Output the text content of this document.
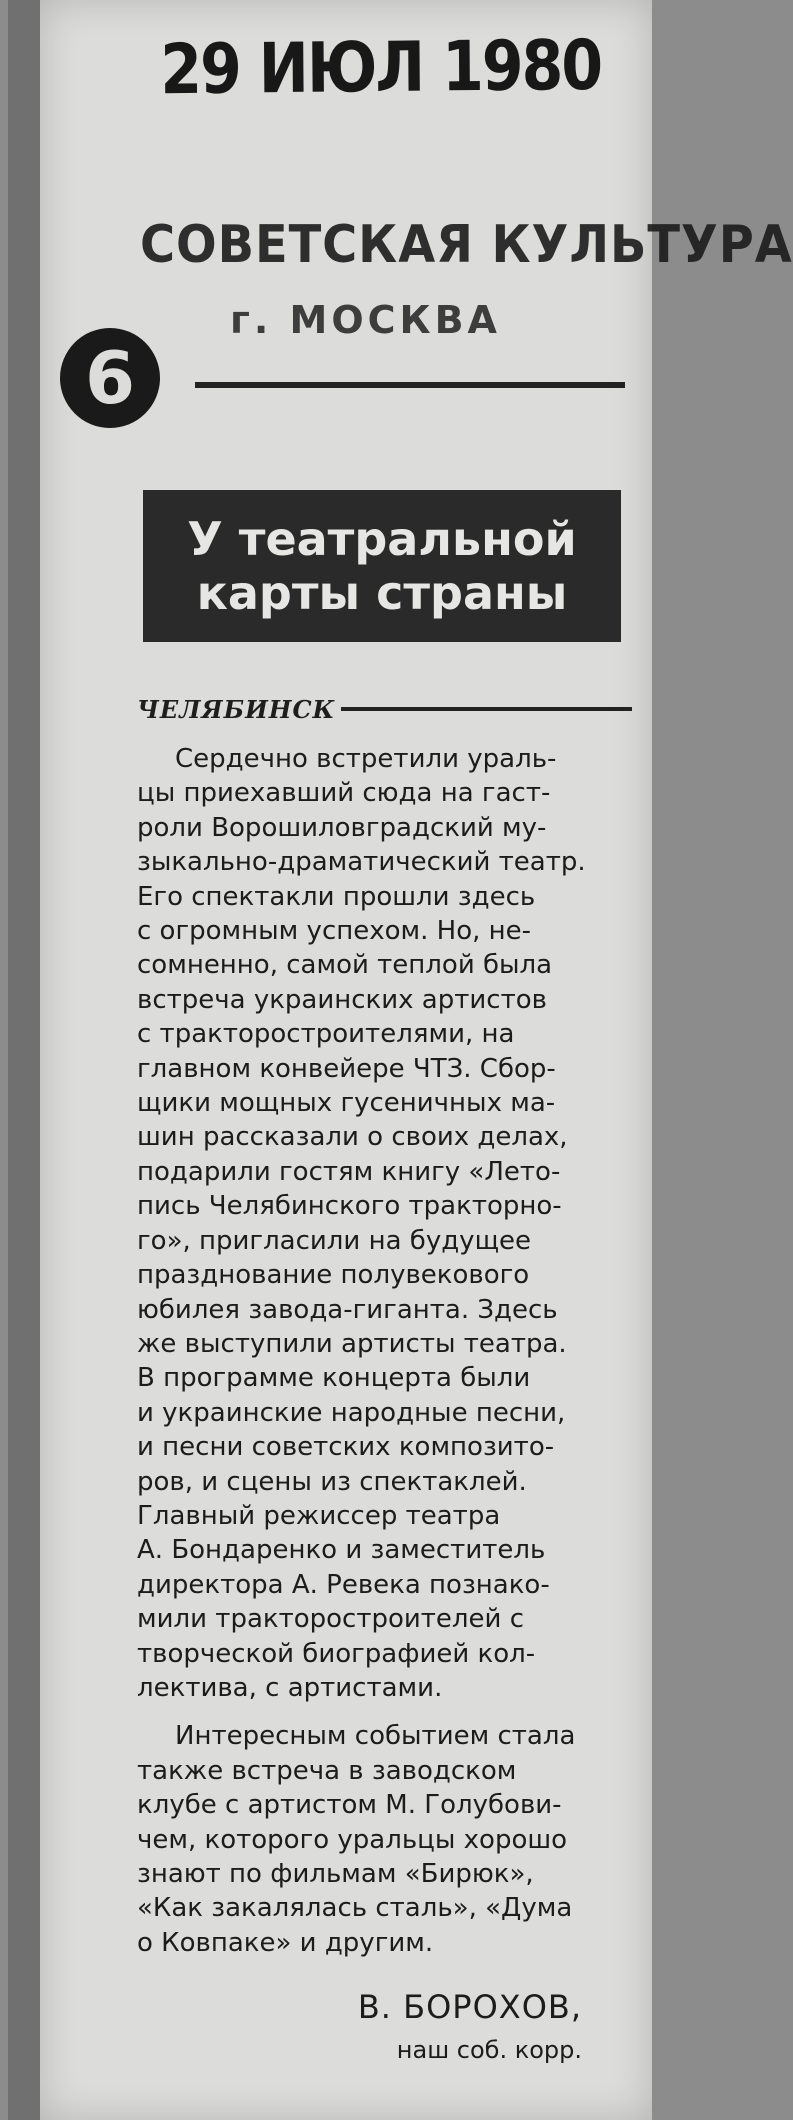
29 ИЮЛ 1980
СОВЕТСКАЯ КУЛЬТУРА
г. МОСКВА
6
У театральной
карты страны
ЧЕЛЯБИНСК

Сердечно встретили ураль-
цы приехавший сюда на гаст-
роли Ворошиловградский му-
зыкально-драматический театр.
Его спектакли прошли здесь
с огромным успехом. Но, не-
сомненно, самой теплой была
встреча украинских артистов
с тракторостроителями, на
главном конвейере ЧТЗ. Сбор-
щики мощных гусеничных ма-
шин рассказали о своих делах,
подарили гостям книгу «Лето-
пись Челябинского тракторно-
го», пригласили на будущее
празднование полувекового
юбилея завода-гиганта. Здесь
же выступили артисты театра.
В программе концерта были
и украинские народные песни,
и песни советских композито-
ров, и сцены из спектаклей.
Главный режиссер театра
А. Бондаренко и заместитель
директора А. Ревека познако-
мили тракторостроителей с
творческой биографией кол-
лектива, с артистами.

Интересным событием стала
также встреча в заводском
клубе с артистом М. Голубови-
чем, которого уральцы хорошо
знают по фильмам «Бирюк»,
«Как закалялась сталь», «Дума
о Ковпаке» и другим.

В. БОРОХОВ,
наш соб. корр.
